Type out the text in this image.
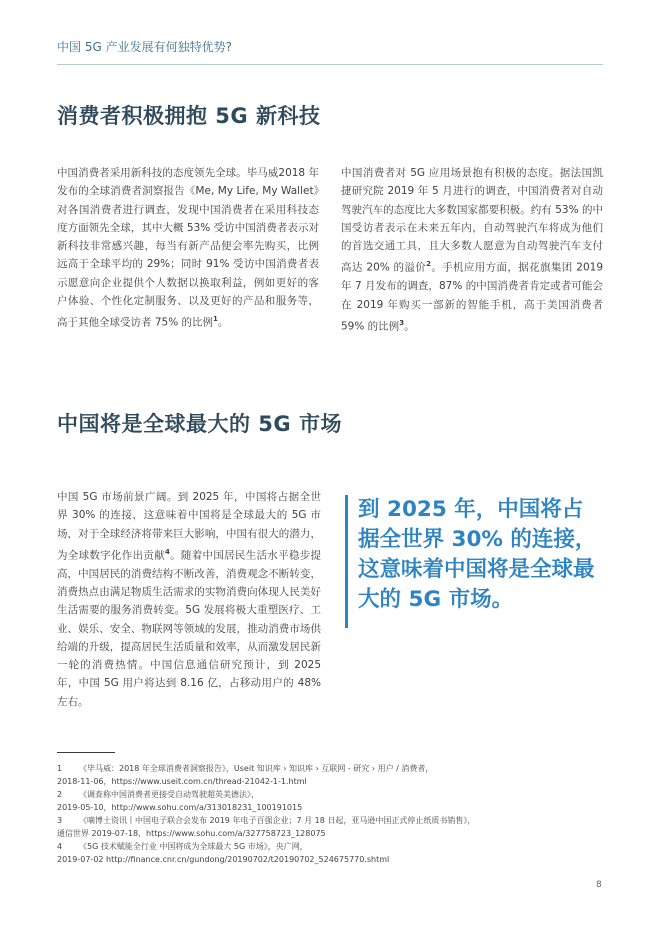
中国 5G 产业发展有何独特优势?
消费者积极拥抱 5G 新科技
中国消费者采用新科技的态度领先全球。毕马威2018 年发布的全球消费者洞察报告《Me, My Life, My Wallet》对各国消费者进行调查，发现中国消费者在采用科技态度方面领先全球，其中大概 53% 受访中国消费者表示对新科技非常感兴趣，每当有新产品便会率先购买，比例远高于全球平均的 29%；同时 91% 受访中国消费者表示愿意向企业提供个人数据以换取利益，例如更好的客户体验、个性化定制服务、以及更好的产品和服务等，高于其他全球受访者 75% 的比例$^1$。
中国消费者对 5G 应用场景抱有积极的态度。据法国凯捷研究院 2019 年 5 月进行的调查，中国消费者对自动驾驶汽车的态度比大多数国家都要积极。约有 53% 的中国受访者表示在未来五年内，自动驾驶汽车将成为他们的首选交通工具，且大多数人愿意为自动驾驶汽车支付高达 20% 的溢价$^2$。手机应用方面，据花旗集团 2019 年 7 月发布的调查，87% 的中国消费者肯定或者可能会在 2019 年购买一部新的智能手机，高于美国消费者 59% 的比例$^3$。
中国将是全球最大的 5G 市场
中国 5G 市场前景广阔。到 2025 年，中国将占据全世界 30% 的连接，这意味着中国将是全球最大的 5G 市场，对于全球经济将带来巨大影响，中国有很大的潜力，为全球数字化作出贡献$^4$。随着中国居民生活水平稳步提高，中国居民的消费结构不断改善，消费观念不断转变，消费热点由满足物质生活需求的实物消费向体现人民美好生活需要的服务消费转变。5G 发展将极大重塑医疗、工业、娱乐、安全、物联网等领域的发展，推动消费市场供给端的升级，提高居民生活质量和效率，从而激发居民新一轮的消费热情。中国信息通信研究预计，到 2025 年，中国 5G 用户将达到 8.16 亿，占移动用户的 48% 左右。
到 2025 年，中国将占据全世界 30% 的连接，这意味着中国将是全球最大的 5G 市场。
1 《毕马威：2018 年全球消费者洞察报告》，Useit 知识库 › 知识库 › 互联网 - 研究 › 用户 / 消费者，
2018-11-06，https://www.useit.com.cn/thread-21042-1-1.html
2 《调查称中国消费者更接受自动驾驶超英美德法》，
2019-05-10，http://www.sohu.com/a/313018231_100191015
3 《嘀博士资讯丨中国电子联合会发布 2019 年电子百强企业；7 月 18 日起，亚马逊中国正式停止纸质书销售》，
通信世界 2019-07-18，https://www.sohu.com/a/327758723_128075
4 《5G 技术赋能全行业 中国将成为全球最大 5G 市场》，央广网，
2019-07-02 http://finance.cnr.cn/gundong/20190702/t20190702_524675770.shtml
8
